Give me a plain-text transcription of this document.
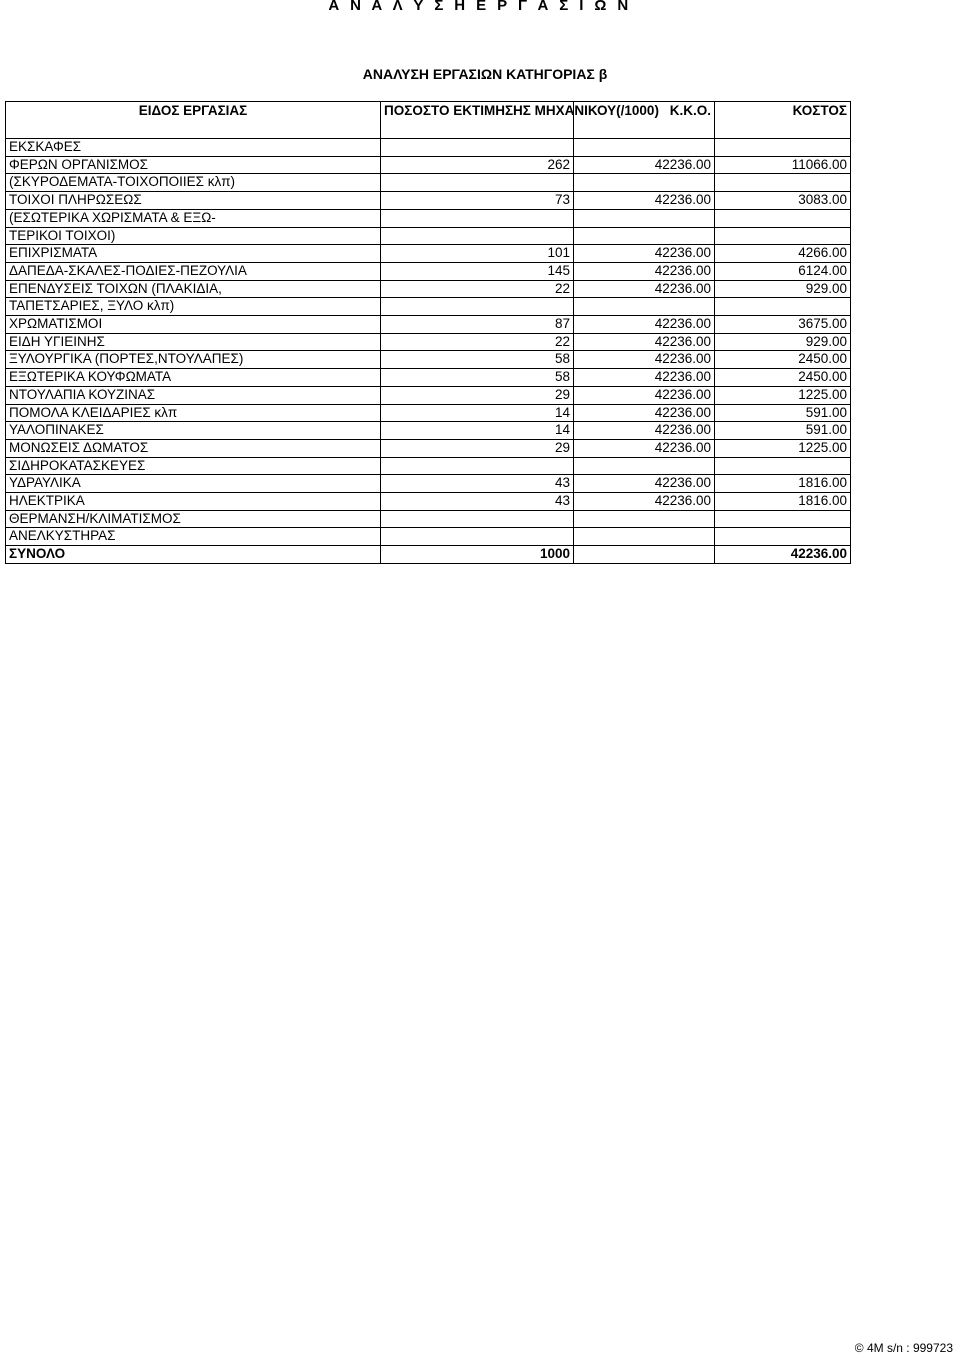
Α Ν Α Λ Υ Σ Η Ε Ρ Γ Α Σ Ι Ω Ν
ΑΝΑΛΥΣΗ ΕΡΓΑΣΙΩΝ ΚΑΤΗΓΟΡΙΑΣ β
ΕΙΔΟΣ ΕΡΓΑΣΙΑΣ	ΠΟΣΟΣΤΟ ΕΚΤΙΜΗΣΗΣ ΜΗΧΑΝΙΚΟΥ(/1000)	Κ.Κ.Ο.	ΚΟΣΤΟΣ
ΕΚΣΚΑΦΕΣ			
ΦΕΡΩΝ ΟΡΓΑΝΙΣΜΟΣ	262	42236.00	11066.00
(ΣΚΥΡΟΔΕΜΑΤΑ-ΤΟΙΧΟΠΟΙΙΕΣ κλπ)			
ΤΟΙΧΟΙ ΠΛΗΡΩΣΕΩΣ	73	42236.00	3083.00
(ΕΣΩΤΕΡΙΚΑ ΧΩΡΙΣΜΑΤΑ & ΕΞΩ-			
ΤΕΡΙΚΟΙ ΤΟΙΧΟΙ)			
ΕΠΙΧΡΙΣΜΑΤΑ	101	42236.00	4266.00
ΔΑΠΕΔΑ-ΣΚΑΛΕΣ-ΠΟΔΙΕΣ-ΠΕΖΟΥΛΙΑ	145	42236.00	6124.00
ΕΠΕΝΔΥΣΕΙΣ ΤΟΙΧΩΝ (ΠΛΑΚΙΔΙΑ,	22	42236.00	929.00
ΤΑΠΕΤΣΑΡΙΕΣ, ΞΥΛΟ κλπ)			
ΧΡΩΜΑΤΙΣΜΟΙ	87	42236.00	3675.00
ΕΙΔΗ ΥΓΙΕΙΝΗΣ	22	42236.00	929.00
ΞΥΛΟΥΡΓΙΚΑ (ΠΟΡΤΕΣ,ΝΤΟΥΛΑΠΕΣ)	58	42236.00	2450.00
ΕΞΩΤΕΡΙΚΑ ΚΟΥΦΩΜΑΤΑ	58	42236.00	2450.00
ΝΤΟΥΛΑΠΙΑ ΚΟΥΖΙΝΑΣ	29	42236.00	1225.00
ΠΟΜΟΛΑ ΚΛΕΙΔΑΡΙΕΣ κλπ	14	42236.00	591.00
ΥΑΛΟΠΙΝΑΚΕΣ	14	42236.00	591.00
ΜΟΝΩΣΕΙΣ ΔΩΜΑΤΟΣ	29	42236.00	1225.00
ΣΙΔΗΡΟΚΑΤΑΣΚΕΥΕΣ			
ΥΔΡΑΥΛΙΚΑ	43	42236.00	1816.00
ΗΛΕΚΤΡΙΚΑ	43	42236.00	1816.00
ΘΕΡΜΑΝΣΗ/ΚΛΙΜΑΤΙΣΜΟΣ			
ΑΝΕΛΚΥΣΤΗΡΑΣ			
ΣΥΝΟΛΟ	1000		42236.00

© 4M s/n : 999723
